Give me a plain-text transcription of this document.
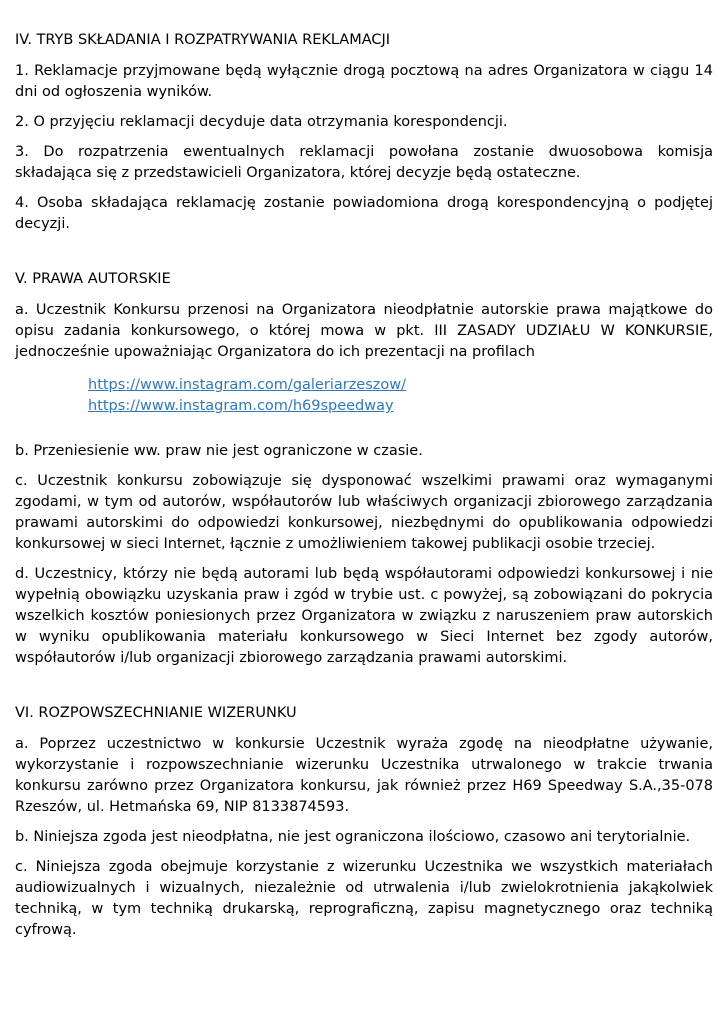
IV. TRYB SKŁADANIA I ROZPATRYWANIA REKLAMACJI

1. Reklamacje przyjmowane będą wyłącznie drogą pocztową na adres Organizatora w ciągu 14 dni od ogłoszenia wyników.

2. O przyjęciu reklamacji decyduje data otrzymania korespondencji.

3. Do rozpatrzenia ewentualnych reklamacji powołana zostanie dwuosobowa komisja składająca się z przedstawicieli Organizatora, której decyzje będą ostateczne.

4. Osoba składająca reklamację zostanie powiadomiona drogą korespondencyjną o podjętej decyzji.

V. PRAWA AUTORSKIE

a. Uczestnik Konkursu przenosi na Organizatora nieodpłatnie autorskie prawa majątkowe do opisu zadania konkursowego, o której mowa w pkt. III ZASADY UDZIAŁU W KONKURSIE, jednocześnie upoważniając Organizatora do ich prezentacji na profilach

https://www.instagram.com/galeriarzeszow/
https://www.instagram.com/h69speedway

b. Przeniesienie ww. praw nie jest ograniczone w czasie.

c. Uczestnik konkursu zobowiązuje się dysponować wszelkimi prawami oraz wymaganymi zgodami, w tym od autorów, współautorów lub właściwych organizacji zbiorowego zarządzania prawami autorskimi do odpowiedzi konkursowej, niezbędnymi do opublikowania odpowiedzi konkursowej w sieci Internet, łącznie z umożliwieniem takowej publikacji osobie trzeciej.

d. Uczestnicy, którzy nie będą autorami lub będą współautorami odpowiedzi konkursowej i nie wypełnią obowiązku uzyskania praw i zgód w trybie ust. c powyżej, są zobowiązani do pokrycia wszelkich kosztów poniesionych przez Organizatora w związku z naruszeniem praw autorskich w wyniku opublikowania materiału konkursowego w Sieci Internet bez zgody autorów, współautorów i/lub organizacji zbiorowego zarządzania prawami autorskimi.

VI. ROZPOWSZECHNIANIE WIZERUNKU

a. Poprzez uczestnictwo w konkursie Uczestnik wyraża zgodę na nieodpłatne używanie, wykorzystanie i rozpowszechnianie wizerunku Uczestnika utrwalonego w trakcie trwania konkursu zarówno przez Organizatora konkursu, jak również przez H69 Speedway S.A.,35-078 Rzeszów, ul. Hetmańska 69, NIP 8133874593.

b. Niniejsza zgoda jest nieodpłatna, nie jest ograniczona ilościowo, czasowo ani terytorialnie.

c. Niniejsza zgoda obejmuje korzystanie z wizerunku Uczestnika we wszystkich materiałach audiowizualnych i wizualnych, niezależnie od utrwalenia i/lub zwielokrotnienia jakąkolwiek techniką, w tym techniką drukarską, reprograficzną, zapisu magnetycznego oraz techniką cyfrową.
